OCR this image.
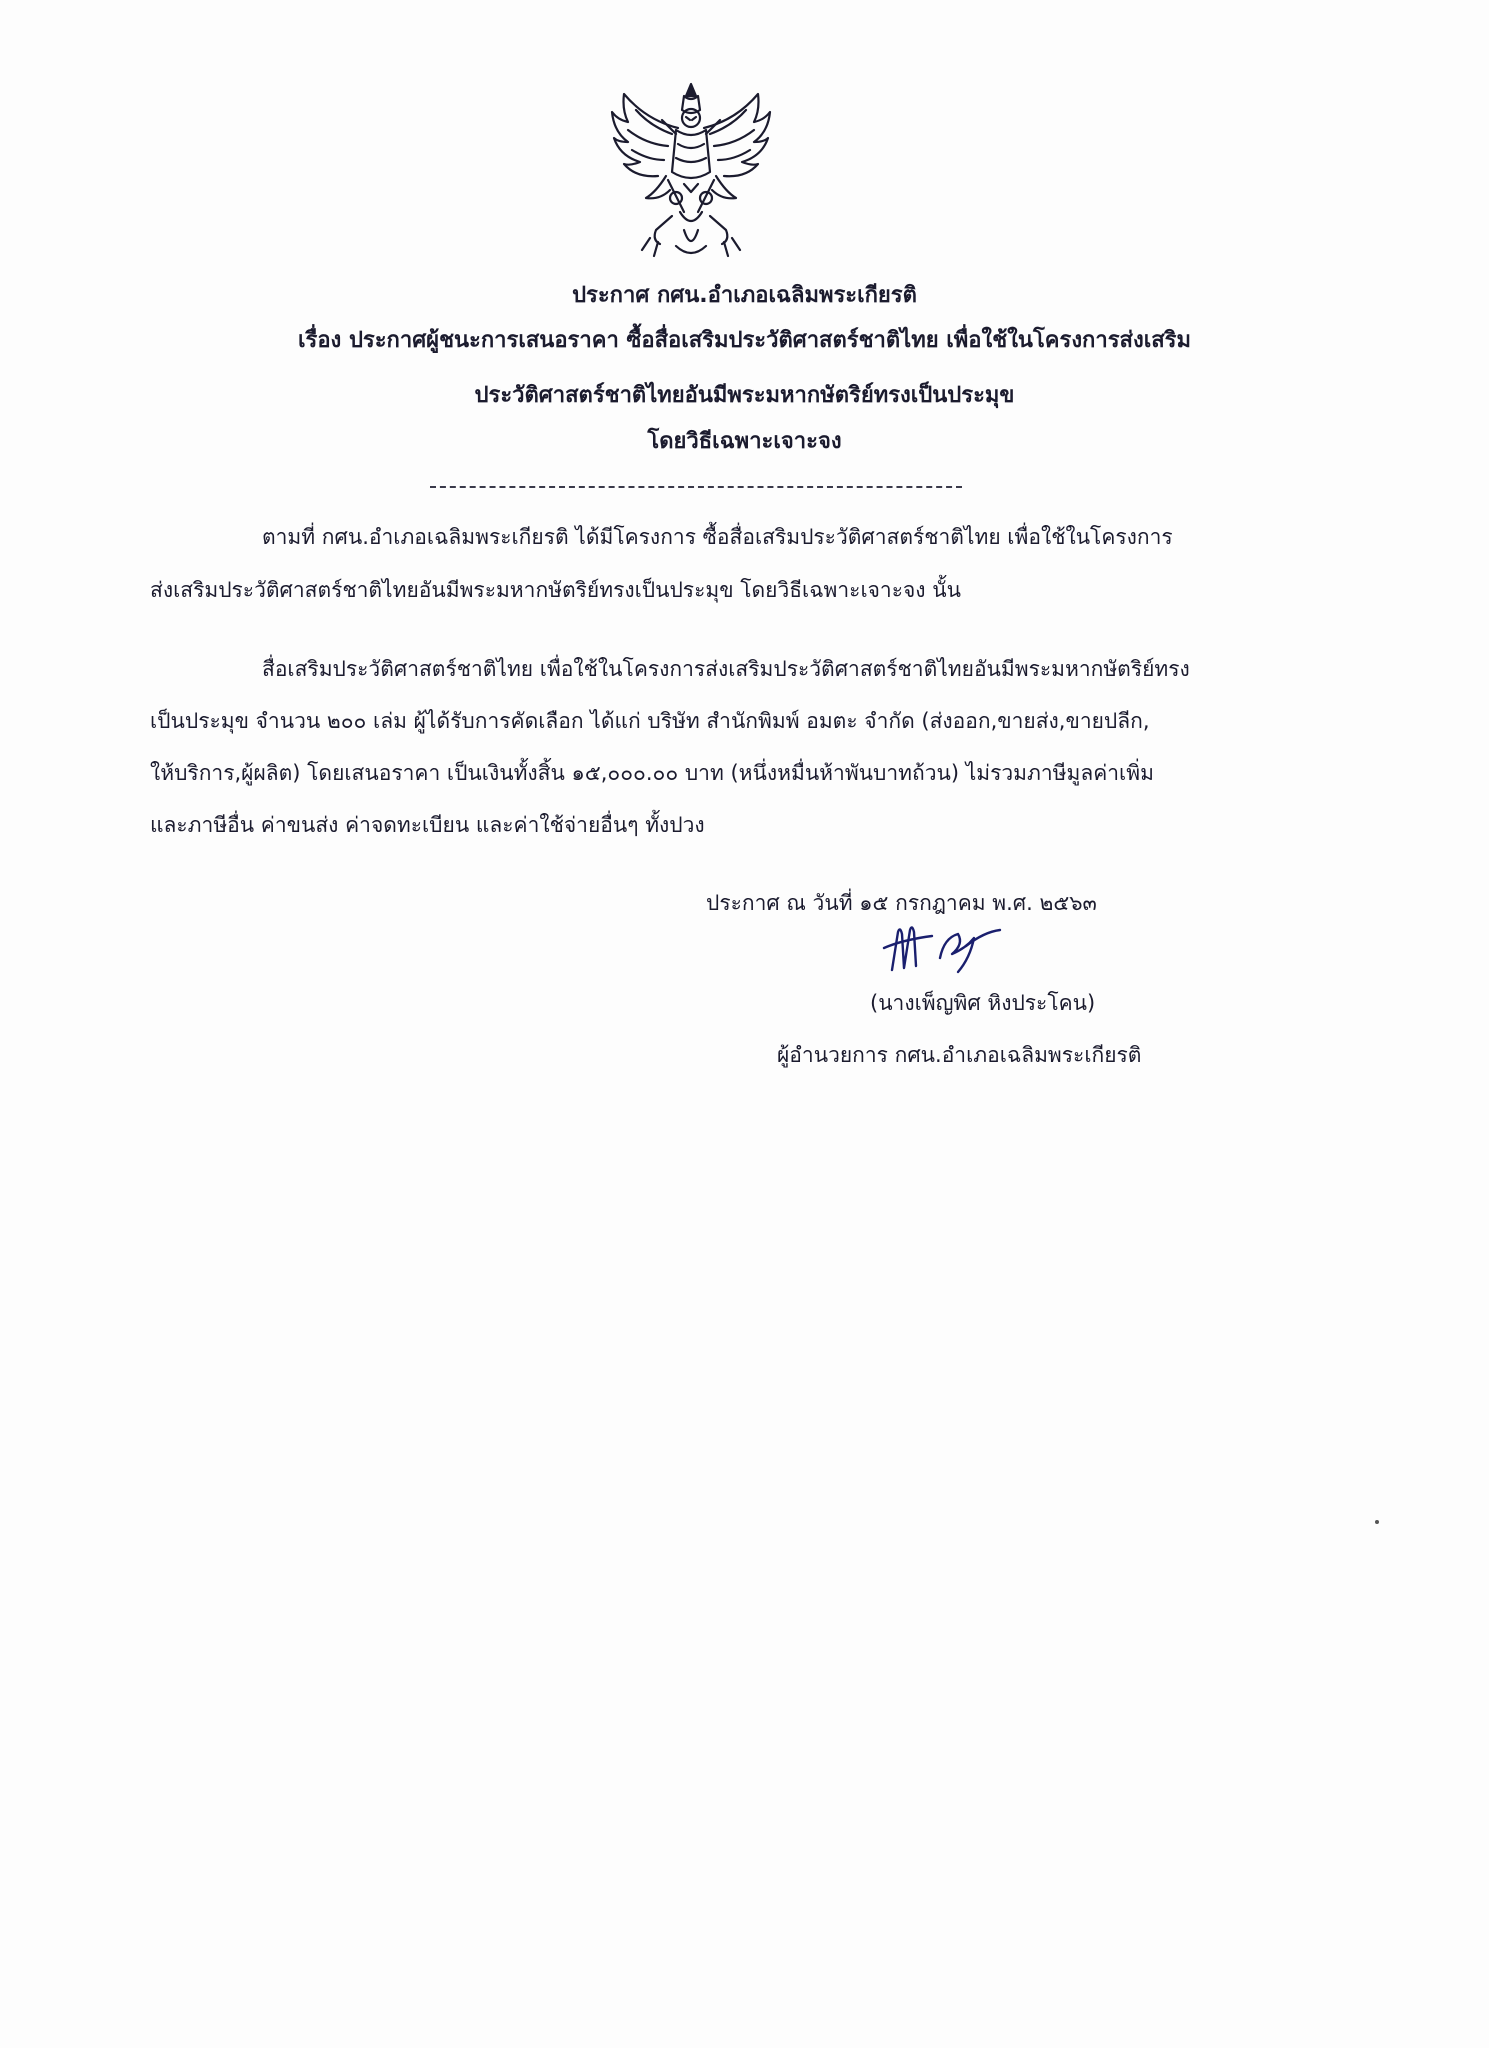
ประกาศ กศน.อำเภอเฉลิมพระเกียรติ
เรื่อง ประกาศผู้ชนะการเสนอราคา ซื้อสื่อเสริมประวัติศาสตร์ชาติไทย เพื่อใช้ในโครงการส่งเสริม
ประวัติศาสตร์ชาติไทยอันมีพระมหากษัตริย์ทรงเป็นประมุข
โดยวิธีเฉพาะเจาะจง
ตามที่ กศน.อำเภอเฉลิมพระเกียรติ ได้มีโครงการ ซื้อสื่อเสริมประวัติศาสตร์ชาติไทย เพื่อใช้ในโครงการ
ส่งเสริมประวัติศาสตร์ชาติไทยอันมีพระมหากษัตริย์ทรงเป็นประมุข โดยวิธีเฉพาะเจาะจง นั้น
สื่อเสริมประวัติศาสตร์ชาติไทย เพื่อใช้ในโครงการส่งเสริมประวัติศาสตร์ชาติไทยอันมีพระมหากษัตริย์ทรง
เป็นประมุข จำนวน ๒๐๐ เล่ม ผู้ได้รับการคัดเลือก ได้แก่ บริษัท สำนักพิมพ์ อมตะ จำกัด (ส่งออก,ขายส่ง,ขายปลีก,
ให้บริการ,ผู้ผลิต) โดยเสนอราคา เป็นเงินทั้งสิ้น ๑๕,๐๐๐.๐๐ บาท (หนึ่งหมื่นห้าพันบาทถ้วน) ไม่รวมภาษีมูลค่าเพิ่ม
และภาษีอื่น ค่าขนส่ง ค่าจดทะเบียน และค่าใช้จ่ายอื่นๆ ทั้งปวง
ประกาศ ณ วันที่ ๑๕ กรกฎาคม พ.ศ. ๒๕๖๓
(นางเพ็ญพิศ หิงประโคน)
ผู้อำนวยการ กศน.อำเภอเฉลิมพระเกียรติ
